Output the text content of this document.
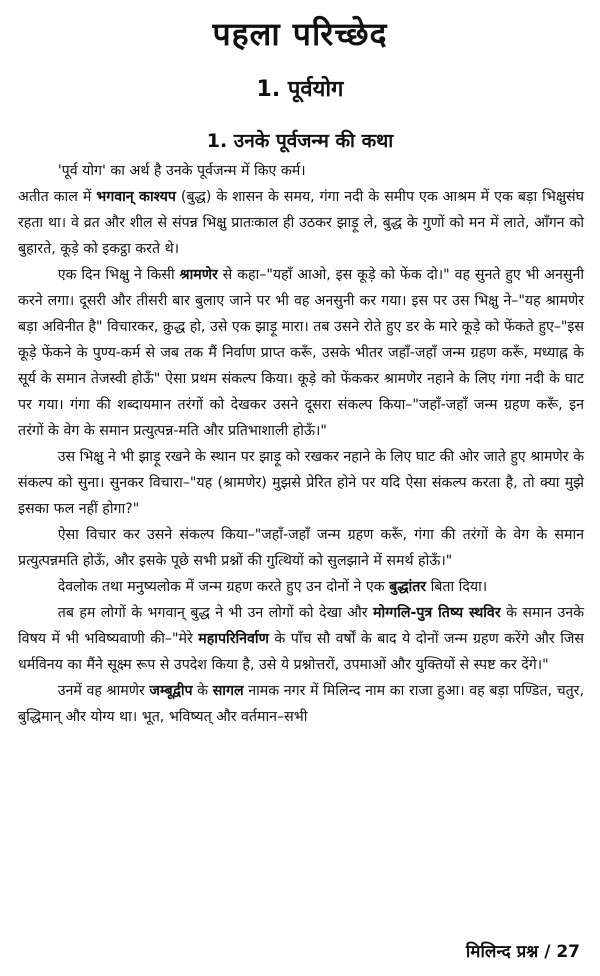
पहला परिच्छेद
1. पूर्वयोग
1. उनके पूर्वजन्म की कथा

'पूर्व योग' का अर्थ है उनके पूर्वजन्म में किए कर्म।

अतीत काल में भगवान् काश्यप (बुद्ध) के शासन के समय, गंगा नदी के समीप एक आश्रम में एक बड़ा भिक्षुसंघ रहता था। वे व्रत और शील से संपन्न भिक्षु प्रातःकाल ही उठकर झाड़ू ले, बुद्ध के गुणों को मन में लाते, आँगन को बुहारते, कूड़े को इकट्ठा करते थे।

एक दिन भिक्षु ने किसी श्रामणेर से कहा–"यहाँ आओ, इस कूड़े को फेंक दो।" वह सुनते हुए भी अनसुनी करने लगा। दूसरी और तीसरी बार बुलाए जाने पर भी वह अनसुनी कर गया। इस पर उस भिक्षु ने–"यह श्रामणेर बड़ा अविनीत है" विचारकर, क्रुद्ध हो, उसे एक झाड़ू मारा। तब उसने रोते हुए डर के मारे कूड़े को फेंकते हुए–"इस कूड़े फेंकने के पुण्य-कर्म से जब तक मैं निर्वाण प्राप्त करूँ, उसके भीतर जहाँ-जहाँ जन्म ग्रहण करूँ, मध्याह्न के सूर्य के समान तेजस्वी होऊँ" ऐसा प्रथम संकल्प किया। कूड़े को फेंककर श्रामणेर नहाने के लिए गंगा नदी के घाट पर गया। गंगा की शब्दायमान तरंगों को देखकर उसने दूसरा संकल्प किया–"जहाँ-जहाँ जन्म ग्रहण करूँ, इन तरंगों के वेग के समान प्रत्युत्पन्न-मति और प्रतिभाशाली होऊँ।"

उस भिक्षु ने भी झाड़ू रखने के स्थान पर झाड़ू को रखकर नहाने के लिए घाट की ओर जाते हुए श्रामणेर के संकल्प को सुना। सुनकर विचारा–"यह (श्रामणेर) मुझसे प्रेरित होने पर यदि ऐसा संकल्प करता है, तो क्या मुझे इसका फल नहीं होगा?"

ऐसा विचार कर उसने संकल्प किया–"जहाँ-जहाँ जन्म ग्रहण करूँ, गंगा की तरंगों के वेग के समान प्रत्युत्पन्नमति होऊँ, और इसके पूछे सभी प्रश्नों की गुत्थियों को सुलझाने में समर्थ होऊँ।"

देवलोक तथा मनुष्यलोक में जन्म ग्रहण करते हुए उन दोनों ने एक बुद्धांतर बिता दिया।

तब हम लोगों के भगवान् बुद्ध ने भी उन लोगों को देखा और मोग्गलि-पुत्र तिष्य स्थविर के समान उनके विषय में भी भविष्यवाणी की–"मेरे महापरिनिर्वाण के पाँच सौ वर्षों के बाद ये दोनों जन्म ग्रहण करेंगे और जिस धर्मविनय का मैंने सूक्ष्म रूप से उपदेश किया है, उसे ये प्रश्नोत्तरों, उपमाओं और युक्तियों से स्पष्ट कर देंगे।"

उनमें वह श्रामणेर जम्बूद्वीप के सागल नामक नगर में मिलिन्द नाम का राजा हुआ। वह बड़ा पण्डित, चतुर, बुद्धिमान् और योग्य था। भूत, भविष्यत् और वर्तमान–सभी

मिलिन्द प्रश्न / 27
